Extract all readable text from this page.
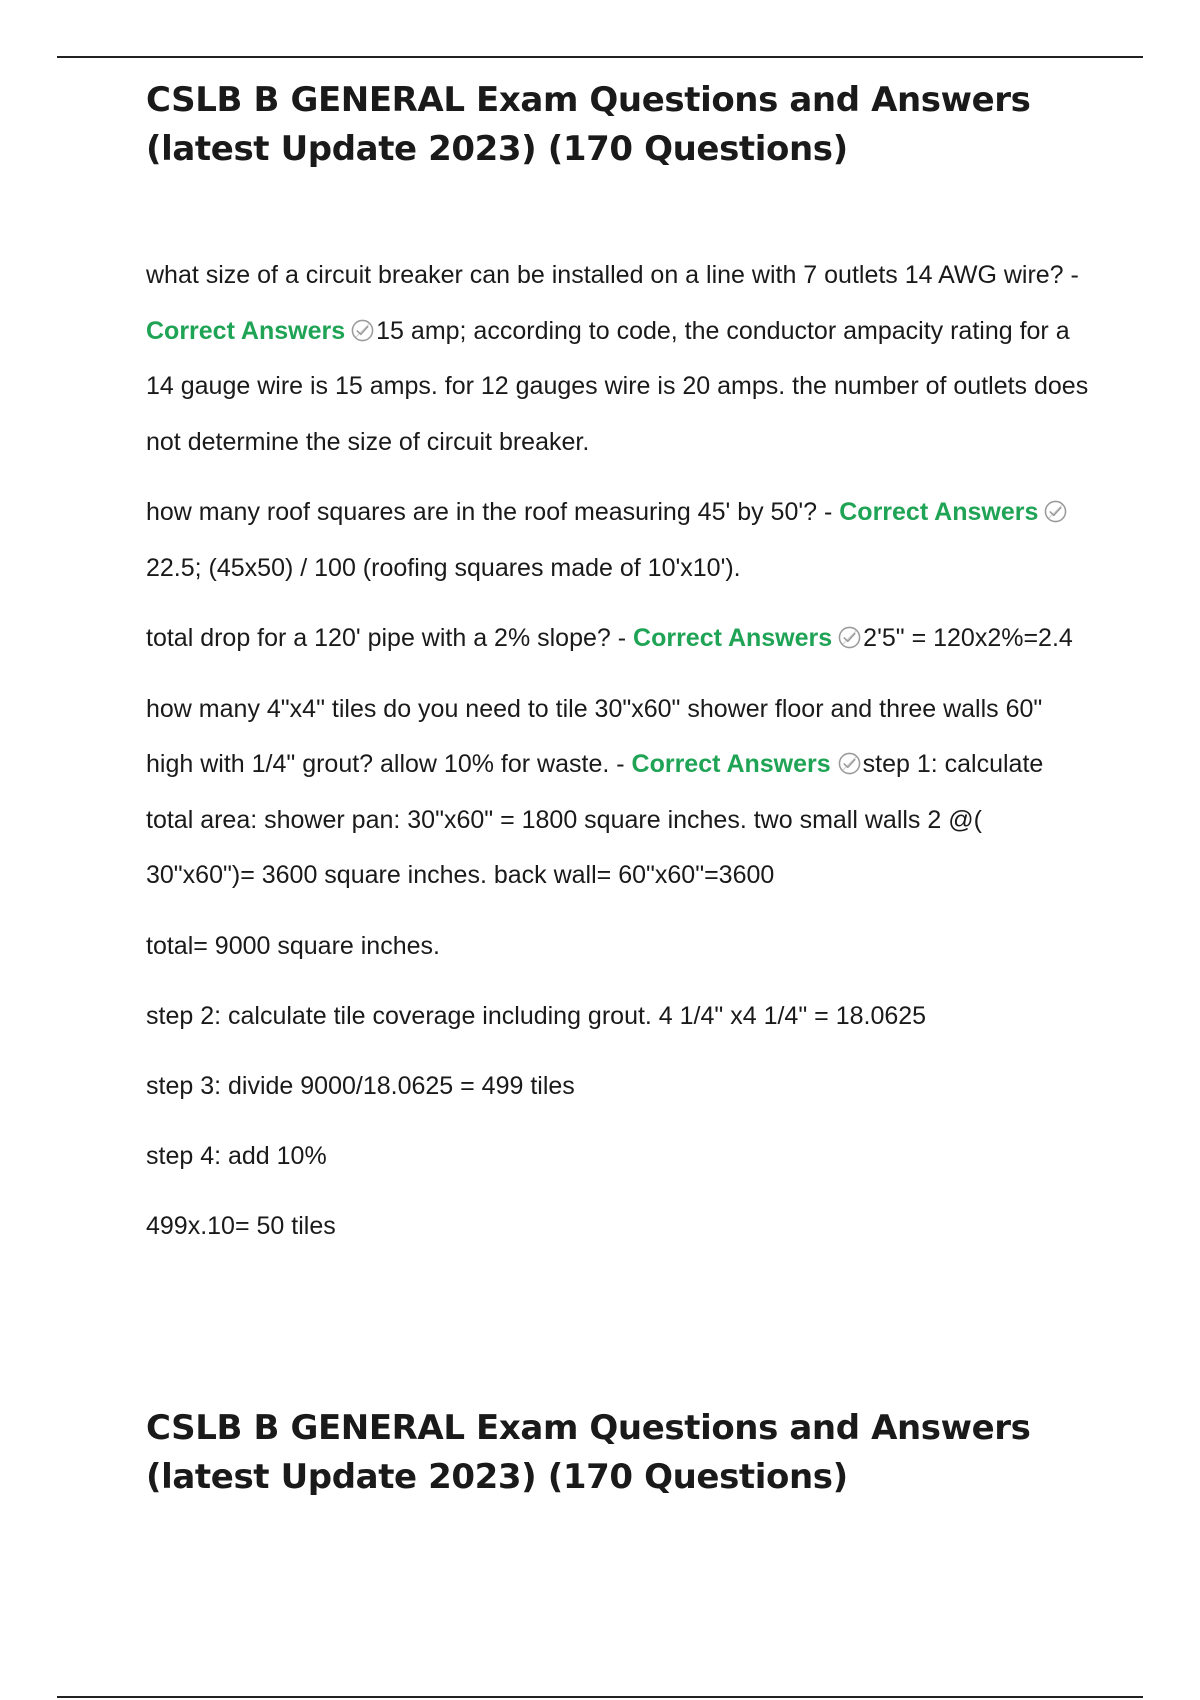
CSLB B GENERAL Exam Questions and Answers (latest Update 2023) (170 Questions)

what size of a circuit breaker can be installed on a line with 7 outlets 14 AWG wire? - Correct Answers 15 amp; according to code, the conductor ampacity rating for a 14 gauge wire is 15 amps. for 12 gauges wire is 20 amps. the number of outlets does not determine the size of circuit breaker.

how many roof squares are in the roof measuring 45' by 50'? - Correct Answers22.5; (45x50) / 100 (roofing squares made of 10'x10').

total drop for a 120' pipe with a 2% slope? - Correct Answers 2'5" = 120x2%=2.4

how many 4"x4" tiles do you need to tile 30"x60" shower floor and three walls 60" high with 1/4" grout? allow 10% for waste. - Correct Answers step 1: calculate total area: shower pan: 30"x60" = 1800 square inches. two small walls 2 @( 30"x60")= 3600 square inches. back wall= 60"x60"=3600

total= 9000 square inches.

step 2: calculate tile coverage including grout. 4 1/4" x4 1/4" = 18.0625

step 3: divide 9000/18.0625 = 499 tiles

step 4: add 10%

499x.10= 50 tiles

CSLB B GENERAL Exam Questions and Answers (latest Update 2023) (170 Questions)
